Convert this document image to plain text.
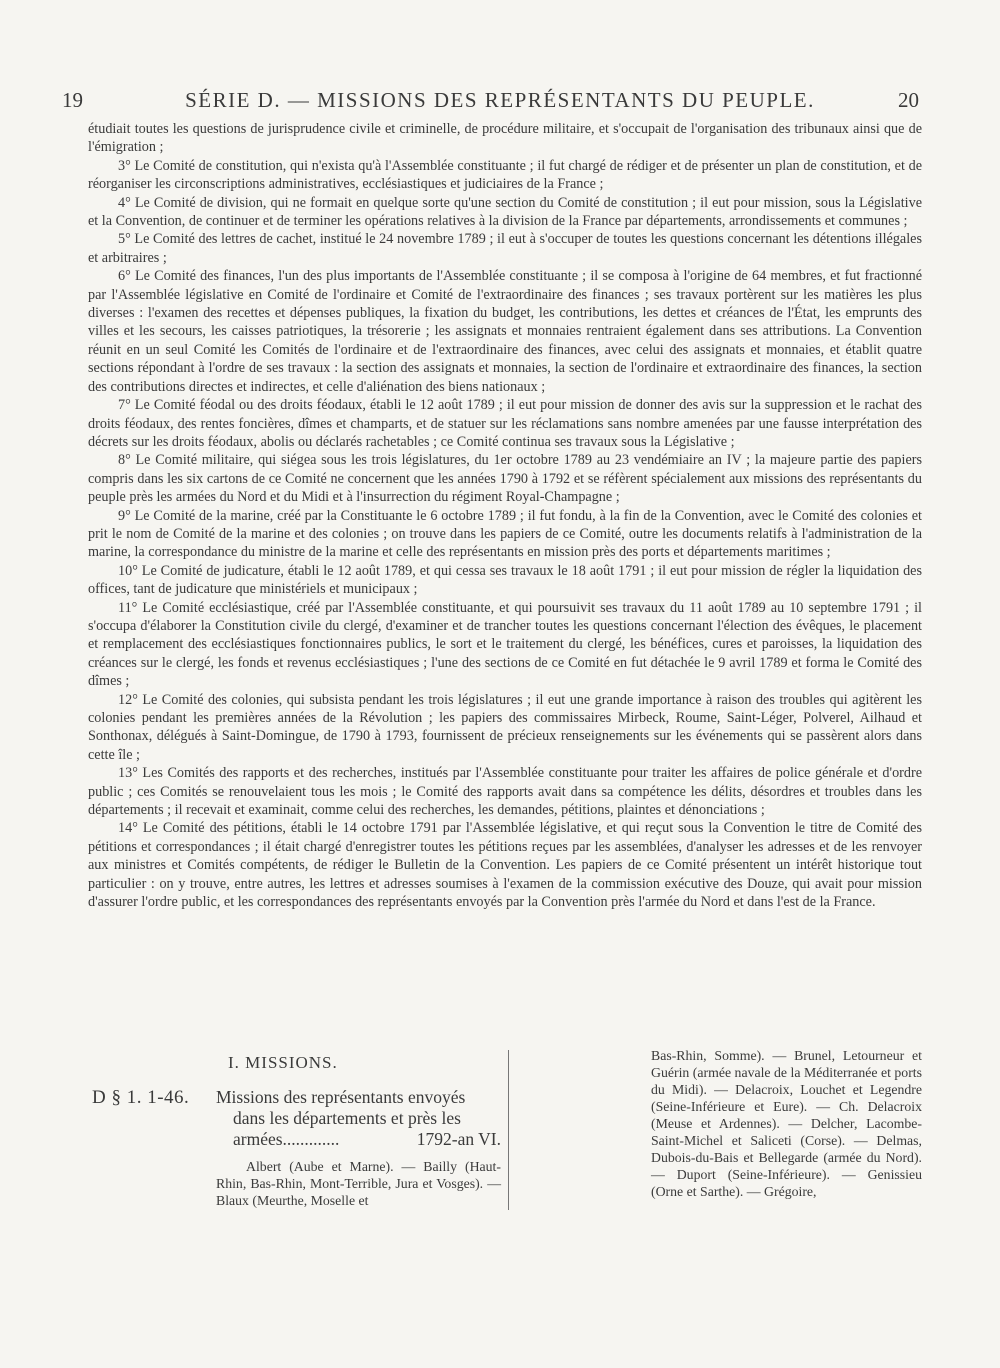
19	SÉRIE D. — MISSIONS DES REPRÉSENTANTS DU PEUPLE.	20

étudiait toutes les questions de jurisprudence civile et criminelle, de procédure militaire, et s'occupait de l'organisation des tribunaux ainsi que de l'émigration ;

3° Le Comité de constitution, qui n'exista qu'à l'Assemblée constituante ; il fut chargé de rédiger et de présenter un plan de constitution, et de réorganiser les circonscriptions administratives, ecclésiastiques et judiciaires de la France ;

4° Le Comité de division, qui ne formait en quelque sorte qu'une section du Comité de constitution ; il eut pour mission, sous la Législative et la Convention, de continuer et de terminer les opérations relatives à la division de la France par départements, arrondissements et communes ;

5° Le Comité des lettres de cachet, institué le 24 novembre 1789 ; il eut à s'occuper de toutes les questions concernant les détentions illégales et arbitraires ;

6° Le Comité des finances, l'un des plus importants de l'Assemblée constituante ; il se composa à l'origine de 64 membres, et fut fractionné par l'Assemblée législative en Comité de l'ordinaire et Comité de l'extraordinaire des finances ; ses travaux portèrent sur les matières les plus diverses : l'examen des recettes et dépenses publiques, la fixation du budget, les contributions, les dettes et créances de l'État, les emprunts des villes et les secours, les caisses patriotiques, la trésorerie ; les assignats et monnaies rentraient également dans ses attributions. La Convention réunit en un seul Comité les Comités de l'ordinaire et de l'extraordinaire des finances, avec celui des assignats et monnaies, et établit quatre sections répondant à l'ordre de ses travaux : la section des assignats et monnaies, la section de l'ordinaire et extraordinaire des finances, la section des contributions directes et indirectes, et celle d'aliénation des biens nationaux ;

7° Le Comité féodal ou des droits féodaux, établi le 12 août 1789 ; il eut pour mission de donner des avis sur la suppression et le rachat des droits féodaux, des rentes foncières, dîmes et champarts, et de statuer sur les réclamations sans nombre amenées par une fausse interprétation des décrets sur les droits féodaux, abolis ou déclarés rachetables ; ce Comité continua ses travaux sous la Législative ;

8° Le Comité militaire, qui siégea sous les trois législatures, du 1er octobre 1789 au 23 vendémiaire an IV ; la majeure partie des papiers compris dans les six cartons de ce Comité ne concernent que les années 1790 à 1792 et se réfèrent spécialement aux missions des représentants du peuple près les armées du Nord et du Midi et à l'insurrection du régiment Royal-Champagne ;

9° Le Comité de la marine, créé par la Constituante le 6 octobre 1789 ; il fut fondu, à la fin de la Convention, avec le Comité des colonies et prit le nom de Comité de la marine et des colonies ; on trouve dans les papiers de ce Comité, outre les documents relatifs à l'administration de la marine, la correspondance du ministre de la marine et celle des représentants en mission près des ports et départements maritimes ;

10° Le Comité de judicature, établi le 12 août 1789, et qui cessa ses travaux le 18 août 1791 ; il eut pour mission de régler la liquidation des offices, tant de judicature que ministériels et municipaux ;

11° Le Comité ecclésiastique, créé par l'Assemblée constituante, et qui poursuivit ses travaux du 11 août 1789 au 10 septembre 1791 ; il s'occupa d'élaborer la Constitution civile du clergé, d'examiner et de trancher toutes les questions concernant l'élection des évêques, le placement et remplacement des ecclésiastiques fonctionnaires publics, le sort et le traitement du clergé, les bénéfices, cures et paroisses, la liquidation des créances sur le clergé, les fonds et revenus ecclésiastiques ; l'une des sections de ce Comité en fut détachée le 9 avril 1789 et forma le Comité des dîmes ;

12° Le Comité des colonies, qui subsista pendant les trois législatures ; il eut une grande importance à raison des troubles qui agitèrent les colonies pendant les premières années de la Révolution ; les papiers des commissaires Mirbeck, Roume, Saint-Léger, Polverel, Ailhaud et Sonthonax, délégués à Saint-Domingue, de 1790 à 1793, fournissent de précieux renseignements sur les événements qui se passèrent alors dans cette île ;

13° Les Comités des rapports et des recherches, institués par l'Assemblée constituante pour traiter les affaires de police générale et d'ordre public ; ces Comités se renouvelaient tous les mois ; le Comité des rapports avait dans sa compétence les délits, désordres et troubles dans les départements ; il recevait et examinait, comme celui des recherches, les demandes, pétitions, plaintes et dénonciations ;

14° Le Comité des pétitions, établi le 14 octobre 1791 par l'Assemblée législative, et qui reçut sous la Convention le titre de Comité des pétitions et correspondances ; il était chargé d'enregistrer toutes les pétitions reçues par les assemblées, d'analyser les adresses et de les renvoyer aux ministres et Comités compétents, de rédiger le Bulletin de la Convention. Les papiers de ce Comité présentent un intérêt historique tout particulier : on y trouve, entre autres, les lettres et adresses soumises à l'examen de la commission exécutive des Douze, qui avait pour mission d'assurer l'ordre public, et les correspondances des représentants envoyés par la Convention près l'armée du Nord et dans l'est de la France.

I. MISSIONS.
D § 1. 1-46. Missions des représentants envoyés
dans les départements et près les
armées.............	1792-an VI.

Albert (Aube et Marne). — Bailly (Haut-Rhin, Bas-Rhin, Mont-Terrible, Jura et Vosges). — Blaux (Meurthe, Moselle et

Bas-Rhin, Somme). — Brunel, Letourneur et Guérin (armée navale de la Méditerranée et ports du Midi). — Delacroix, Louchet et Legendre (Seine-Inférieure et Eure). — Ch. Delacroix (Meuse et Ardennes). — Delcher, Lacombe-Saint-Michel et Saliceti (Corse). — Delmas, Dubois-du-Bais et Bellegarde (armée du Nord). — Duport (Seine-Inférieure). — Genissieu (Orne et Sarthe). — Grégoire,
